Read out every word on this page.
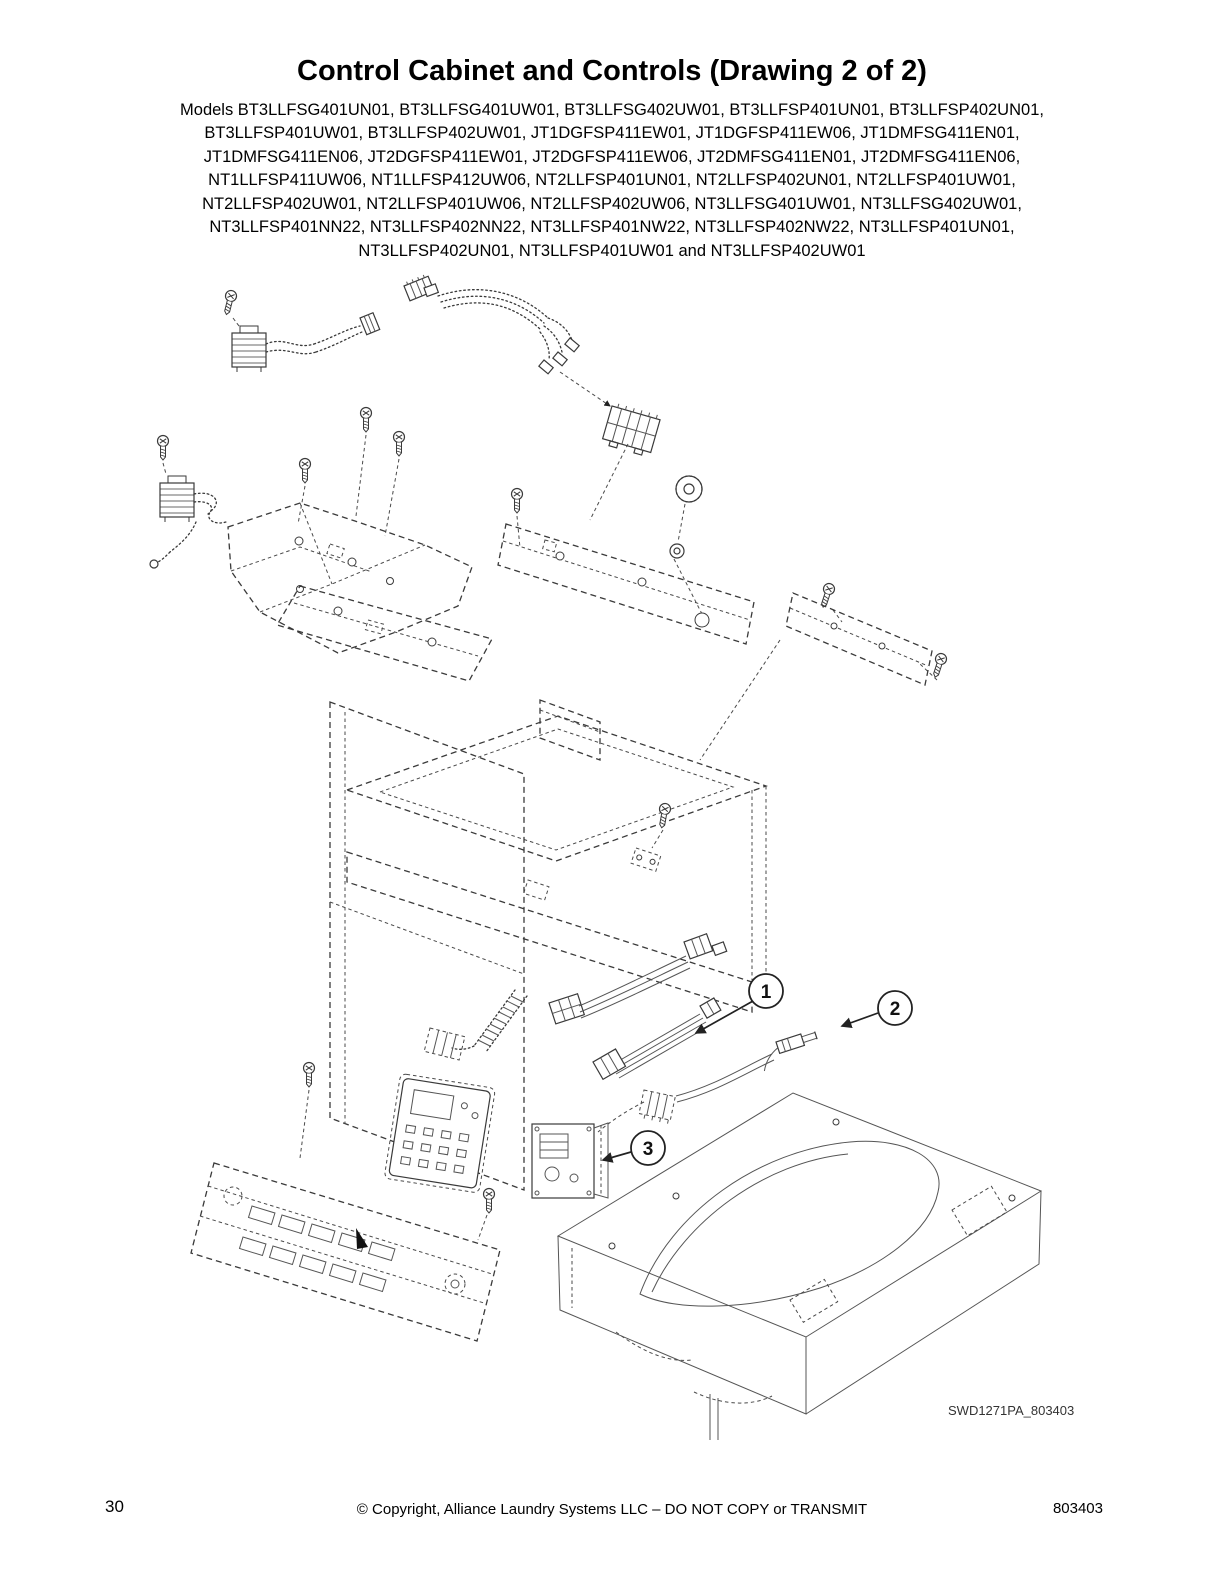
Control Cabinet and Controls (Drawing 2 of 2)

Models BT3LLFSG401UN01, BT3LLFSG401UW01, BT3LLFSG402UW01, BT3LLFSP401UN01, BT3LLFSP402UN01, BT3LLFSP401UW01, BT3LLFSP402UW01, JT1DGFSP411EW01, JT1DGFSP411EW06, JT1DMFSG411EN01, JT1DMFSG411EN06, JT2DGFSP411EW01, JT2DGFSP411EW06, JT2DMFSG411EN01, JT2DMFSG411EN06, NT1LLFSP411UW06, NT1LLFSP412UW06, NT2LLFSP401UN01, NT2LLFSP402UN01, NT2LLFSP401UW01, NT2LLFSP402UW01, NT2LLFSP401UW06, NT2LLFSP402UW06, NT3LLFSG401UW01, NT3LLFSG402UW01, NT3LLFSP401NN22, NT3LLFSP402NN22, NT3LLFSP401NW22, NT3LLFSP402NW22, NT3LLFSP401UN01, NT3LLFSP402UN01, NT3LLFSP401UW01 and NT3LLFSP402UW01

1
2
3
SWD1271PA_803403
30	© Copyright, Alliance Laundry Systems LLC – DO NOT COPY or TRANSMIT	803403
